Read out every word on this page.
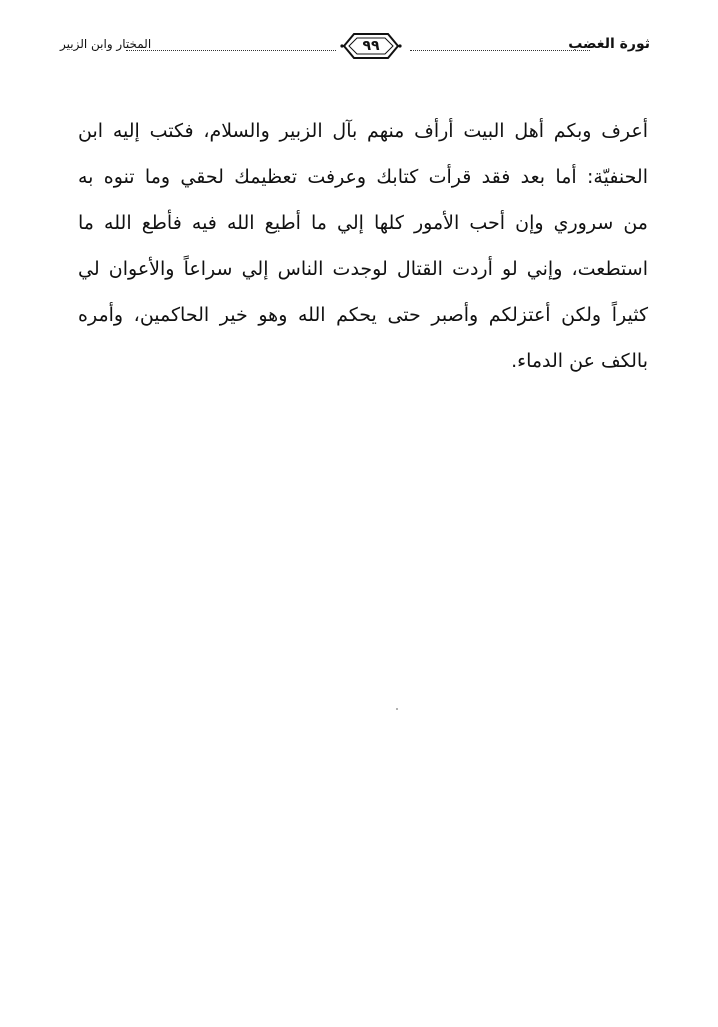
ثورة الغضب
٩٩
المختار وابن الزبير
أعرف وبكم أهل البيت أرأف منهم بآل الزبير والسلام، فكتب إليه ابن
الحنفيّة: أما بعد فقد قرأت كتابك وعرفت تعظيمك لحقي وما تنوه به
من سروري وإن أحب الأمور كلها إلي ما أطيع الله فيه فأطع الله ما
استطعت، وإني لو أردت القتال لوجدت الناس إلي سراعاً والأعوان لي
كثيراً ولكن أعتزلكم وأصبر حتى يحكم الله وهو خير الحاكمين، وأمره
بالكف عن الدماء.
